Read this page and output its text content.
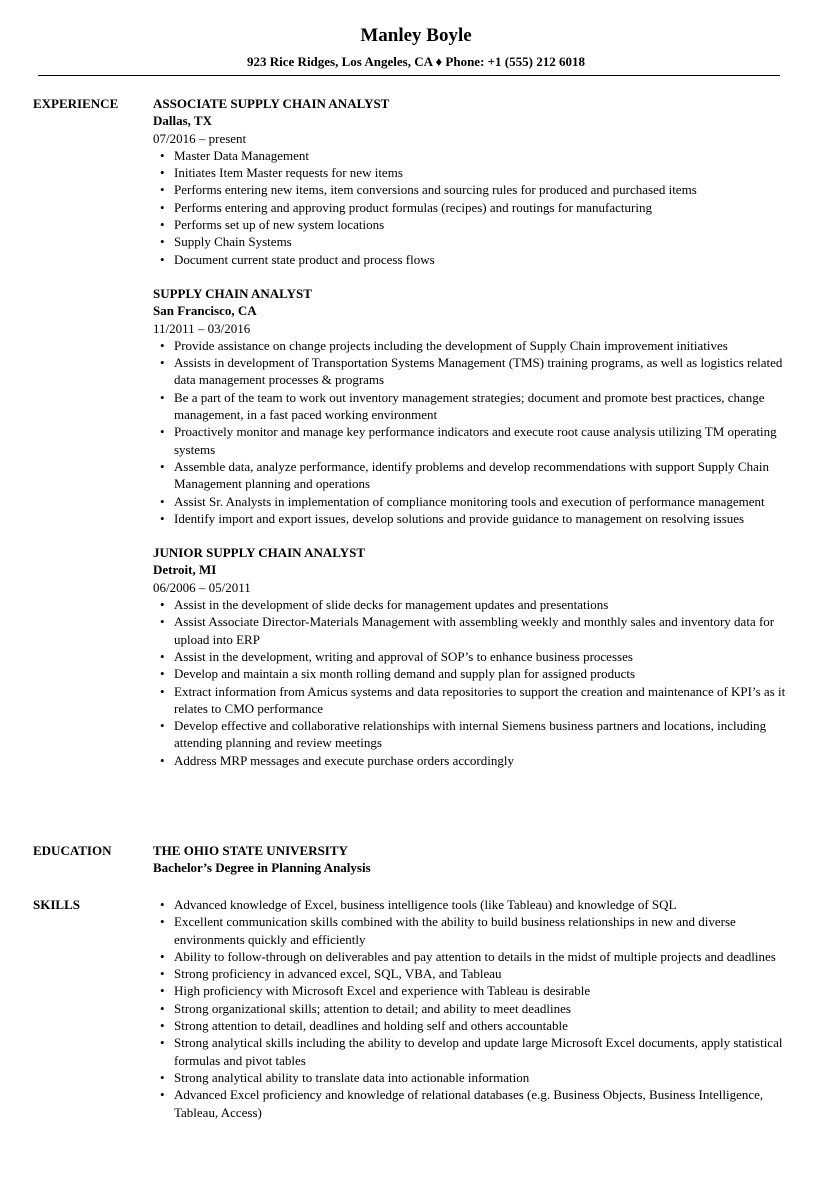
Manley Boyle
923 Rice Ridges, Los Angeles, CA ♦ Phone: +1 (555) 212 6018
EXPERIENCE	ASSOCIATE SUPPLY CHAIN ANALYST
Dallas, TX
07/2016 – present
• Master Data Management
• Initiates Item Master requests for new items
• Performs entering new items, item conversions and sourcing rules for produced and purchased items
• Performs entering and approving product formulas (recipes) and routings for manufacturing
• Performs set up of new system locations
• Supply Chain Systems
• Document current state product and process flows
SUPPLY CHAIN ANALYST
San Francisco, CA
11/2011 – 03/2016
• Provide assistance on change projects including the development of Supply Chain improvement initiatives
• Assists in development of Transportation Systems Management (TMS) training programs, as well as logistics related data management processes & programs
• Be a part of the team to work out inventory management strategies; document and promote best practices, change management, in a fast paced working environment
• Proactively monitor and manage key performance indicators and execute root cause analysis utilizing TM operating systems
• Assemble data, analyze performance, identify problems and develop recommendations with support Supply Chain Management planning and operations
• Assist Sr. Analysts in implementation of compliance monitoring tools and execution of performance management
• Identify import and export issues, develop solutions and provide guidance to management on resolving issues
JUNIOR SUPPLY CHAIN ANALYST
Detroit, MI
06/2006 – 05/2011
• Assist in the development of slide decks for management updates and presentations
• Assist Associate Director-Materials Management with assembling weekly and monthly sales and inventory data for upload into ERP
• Assist in the development, writing and approval of SOP’s to enhance business processes
• Develop and maintain a six month rolling demand and supply plan for assigned products
• Extract information from Amicus systems and data repositories to support the creation and maintenance of KPI’s as it relates to CMO performance
• Develop effective and collaborative relationships with internal Siemens business partners and locations, including attending planning and review meetings
• Address MRP messages and execute purchase orders accordingly
EDUCATION	THE OHIO STATE UNIVERSITY
Bachelor’s Degree in Planning Analysis
SKILLS
•	Advanced knowledge of Excel, business intelligence tools (like Tableau) and knowledge of SQL
• Excellent communication skills combined with the ability to build business relationships in new and diverse environments quickly and efficiently
• Ability to follow-through on deliverables and pay attention to details in the midst of multiple projects and deadlines
• Strong proficiency in advanced excel, SQL, VBA, and Tableau
• High proficiency with Microsoft Excel and experience with Tableau is desirable
• Strong organizational skills; attention to detail; and ability to meet deadlines
• Strong attention to detail, deadlines and holding self and others accountable
• Strong analytical skills including the ability to develop and update large Microsoft Excel documents, apply statistical formulas and pivot tables
• Strong analytical ability to translate data into actionable information
• Advanced Excel proficiency and knowledge of relational databases (e.g. Business Objects, Business Intelligence, Tableau, Access)
